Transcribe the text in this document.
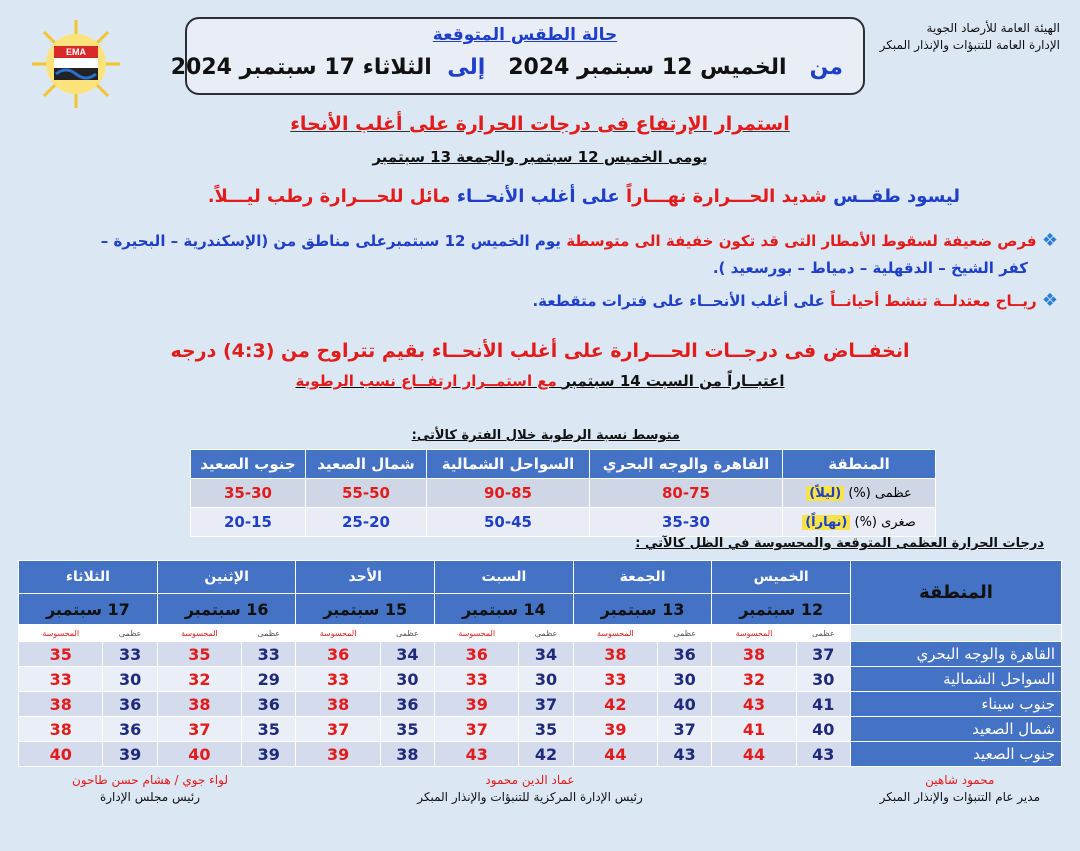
الهيئة العامة للأرصاد الجوية
الإدارة العامة للتنبؤات والإنذار المبكر
EMA
حالة الطقس المتوقعة
من   الخميس 12 سبتمبر 2024   إلى  الثلاثاء 17 سبتمبر 2024
استمرار الإرتفاع فى درجات الحرارة على أغلب الأنحاء
يومى الخميس 12 سبتمبر والجمعة 13 سبتمبر
ليسود طقــس شديد الحـــرارة نهـــاراً على أغلب الأنحــاء مائل للحـــرارة رطب ليـــلاً.
❖ فرص ضعيفة لسقوط الأمطار التى قد تكون خفيفة الى متوسطة يوم الخميس 12 سبتمبرعلى مناطق من (الإسكندرية – البحيرة –
كفر الشيخ – الدقهلية – دمياط – بورسعيد ).
❖ ريــاح معتدلــة تنشط أحيانــاً على أغلب الأنحــاء على فترات متقطعة.
انخفــاض فى درجــات الحـــرارة على أغلب الأنحــاء بقيم تتراوح من (4:3) درجه
اعتبــاراً من السبت 14 سبتمبر مع استمــرار ارتفــاع نسب الرطوبة
متوسط نسبة الرطوبة خلال الفترة كالأتى:
المنطقة	القاهرة والوجه البحري	السواحل الشمالية	شمال الصعيد	جنوب الصعيد
عظمى (%) (ليلاً)	80-75	90-85	55-50	35-30
صغرى (%) (نهاراً)	35-30	50-45	25-20	20-15
درجات الحرارة العظمى المتوقعة والمحسوسة في الظل كالآتي :
المنطقة	الخميس		الجمعة		السبت		الأحد		الإثنين		الثلاثاء	
	12 سبتمبر		13 سبتمبر		14 سبتمبر		15 سبتمبر		16 سبتمبر		17 سبتمبر	
	عظمى	المحسوسة	عظمى	المحسوسة	عظمى	المحسوسة	عظمى	المحسوسة	عظمى	المحسوسة	عظمى	المحسوسة
القاهرة والوجه البحري	37	38	36	38	34	36	34	36	33	35	33	35
السواحل الشمالية	30	32	30	33	30	33	30	33	29	32	30	33
جنوب سيناء	41	43	40	42	37	39	36	38	36	38	36	38
شمال الصعيد	40	41	37	39	35	37	35	37	35	37	36	38
جنوب الصعيد	43	44	43	44	42	43	38	39	39	40	39	40
محمود شاهين
مدير عام التنبؤات والإنذار المبكر
عماد الدين محمود
رئيس الإدارة المركزية للتنبؤات والإنذار المبكر
لواء جوي / هشام حسن طاحون
رئيس مجلس الإدارة
